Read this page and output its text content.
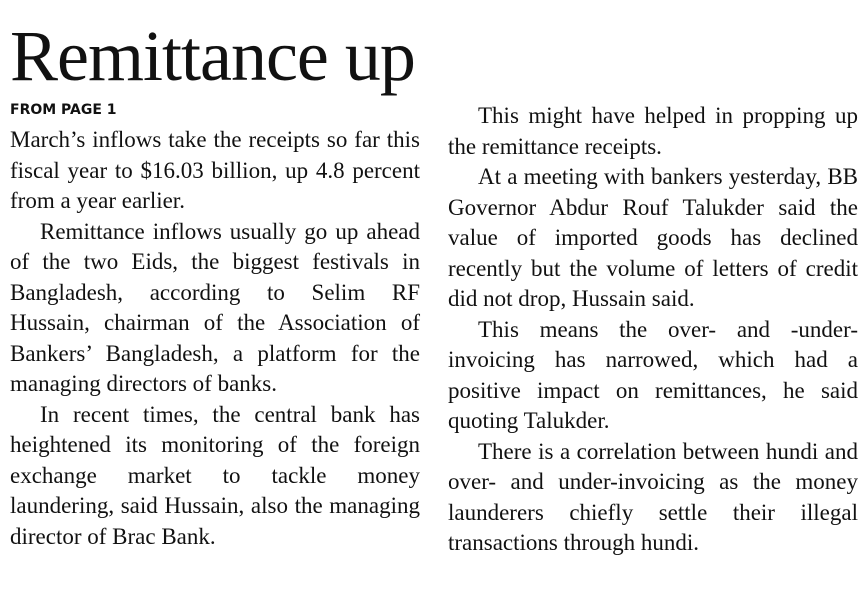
Remittance up
FROM PAGE 1

March’s inflows take the receipts so far this fiscal year to $16.03 billion, up 4.8 percent from a year earlier.

Remittance inflows usually go up ahead of the two Eids, the biggest festivals in Bangladesh, according to Selim RF Hussain, chairman of the Association of Bankers’ Bangladesh, a platform for the managing directors of banks.

In recent times, the central bank has heightened its monitoring of the foreign exchange market to tackle money laundering, said Hussain, also the managing director of Brac Bank.

This might have helped in propping up the remittance receipts.

At a meeting with bankers yesterday, BB Governor Abdur Rouf Talukder said the value of imported goods has declined recently but the volume of letters of credit did not drop, Hussain said.

This means the over- and -under-invoicing has narrowed, which had a positive impact on remittances, he said quoting Talukder.

There is a correlation between hundi and over- and under-invoicing as the money launderers chiefly settle their illegal transactions through hundi.
